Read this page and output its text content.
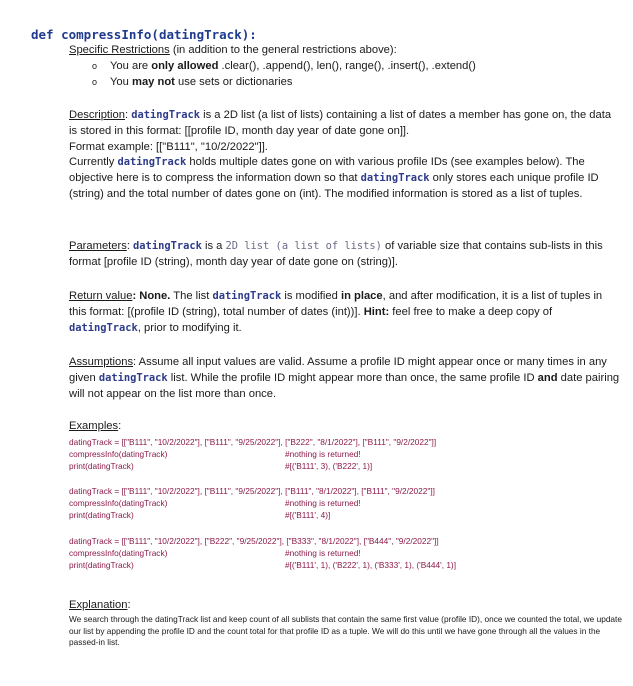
def compressInfo(datingTrack):
Specific Restrictions (in addition to the general restrictions above):
o You are only allowed .clear(), .append(), len(), range(), .insert(), .extend()
o You may not use sets or dictionaries
Description: datingTrack is a 2D list (a list of lists) containing a list of dates a member has gone on, the data is stored in this format: [[profile ID, month day year of date gone on]].
Format example: [["B111", "10/2/2022"]].
Currently datingTrack holds multiple dates gone on with various profile IDs (see examples below). The objective here is to compress the information down so that datingTrack only stores each unique profile ID (string) and the total number of dates gone on (int). The modified information is stored as a list of tuples.
Parameters: datingTrack is a 2D list (a list of lists) of variable size that contains sub-lists in this format [profile ID (string), month day year of date gone on (string)].
Return value: None. The list datingTrack is modified in place, and after modification, it is a list of tuples in this format: [(profile ID (string), total number of dates (int))]. Hint: feel free to make a deep copy of datingTrack, prior to modifying it.
Assumptions: Assume all input values are valid. Assume a profile ID might appear once or many times in any given datingTrack list. While the profile ID might appear more than once, the same profile ID and date pairing will not appear on the list more than once.
Examples:
datingTrack = [["B111", "10/2/2022"], ["B111", "9/25/2022"], ["B222", "8/1/2022"], ["B111", "9/2/2022"]]
compressInfo(datingTrack)	#nothing is returned!
print(datingTrack)	#[('B111', 3), ('B222', 1)]
datingTrack = [["B111", "10/2/2022"], ["B111", "9/25/2022"], ["B111", "8/1/2022"], ["B111", "9/2/2022"]]
compressInfo(datingTrack)	#nothing is returned!
print(datingTrack)	#[('B111', 4)]
datingTrack = [["B111", "10/2/2022"], ["B222", "9/25/2022"], ["B333", "8/1/2022"], ["B444", "9/2/2022"]]
compressInfo(datingTrack)	#nothing is returned!
print(datingTrack)	#[('B111', 1), ('B222', 1), ('B333', 1), ('B444', 1)]
Explanation:
We search through the datingTrack list and keep count of all sublists that contain the same first value (profile ID), once we counted the total, we update our list by appending the profile ID and the count total for that profile ID as a tuple. We will do this until we have gone through all the values in the passed-in list.
